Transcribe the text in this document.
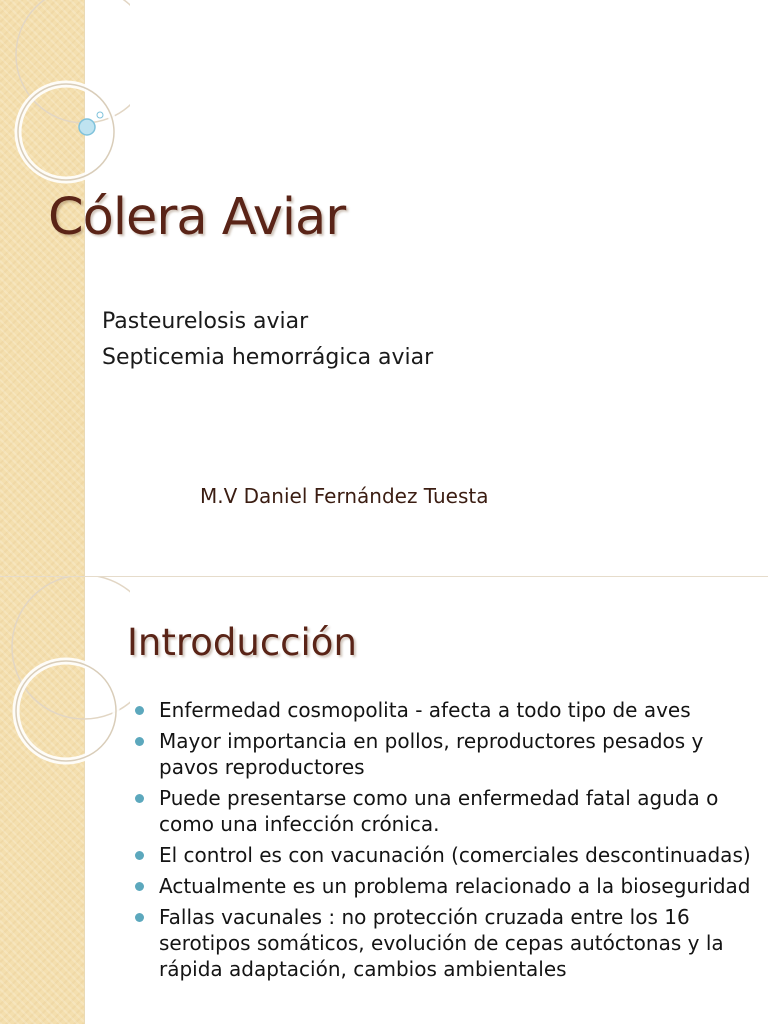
Cólera Aviar
Pasteurelosis aviar
Septicemia hemorrágica aviar

M.V Daniel Fernández Tuesta

Introducción
Enfermedad cosmopolita - afecta a todo tipo de aves
Mayor importancia en pollos, reproductores pesados y pavos reproductores
Puede presentarse como una enfermedad fatal aguda o como una infección crónica.
El control es con vacunación (comerciales descontinuadas)
Actualmente es un problema relacionado a la bioseguridad
Fallas vacunales : no protección cruzada entre los 16 serotipos somáticos, evolución de cepas autóctonas y la rápida adaptación, cambios ambientales
